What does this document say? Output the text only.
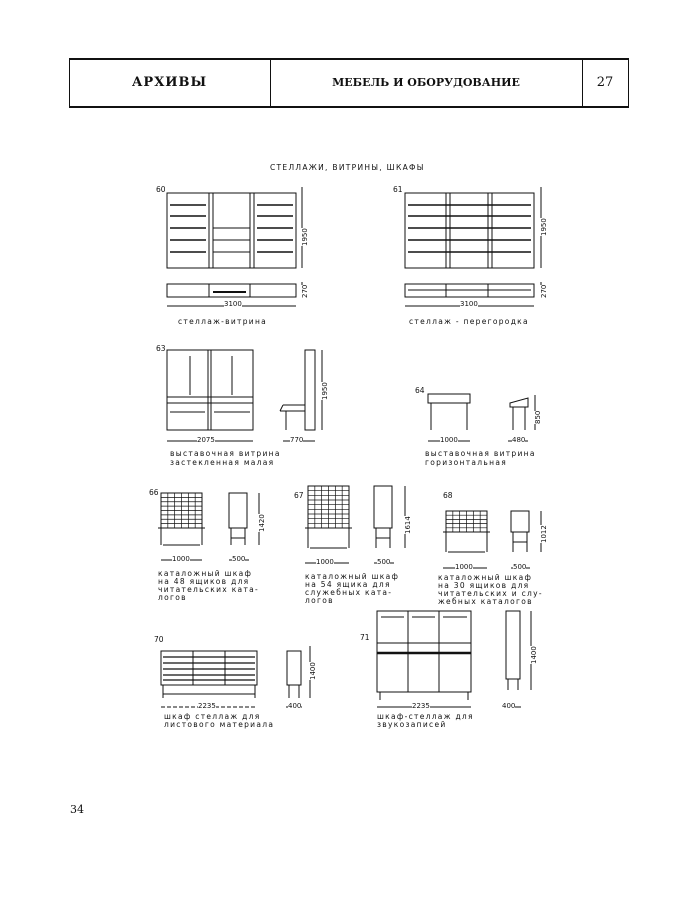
АРХИВЫ	МЕБЕЛЬ И ОБОРУДОВАНИЕ	27
СТЕЛЛАЖИ, ВИТРИНЫ, ШКАФЫ
60
3100
1950
270
стеллаж-витрина
61
3100
1950
270
стеллаж - перегородка
63
2075	770
1950
выставочная витрина
застекленная малая
64
1000	480
850
выставочная витрина
горизонтальная
66
1000	500
1420
каталожный шкаф
на 48 ящиков для
читательских ката-
логов
67
1000	500
1614
каталожный шкаф
на 54 ящика для
служебных ката-
логов
68
1000	500
1012
каталожный шкаф
на 30 ящиков для
читательских и слу-
жебных каталогов
70
2235	400
1400
шкаф стеллаж для
листового материала
71
2235	400
1400
шкаф-стеллаж для
звукозаписей
34
